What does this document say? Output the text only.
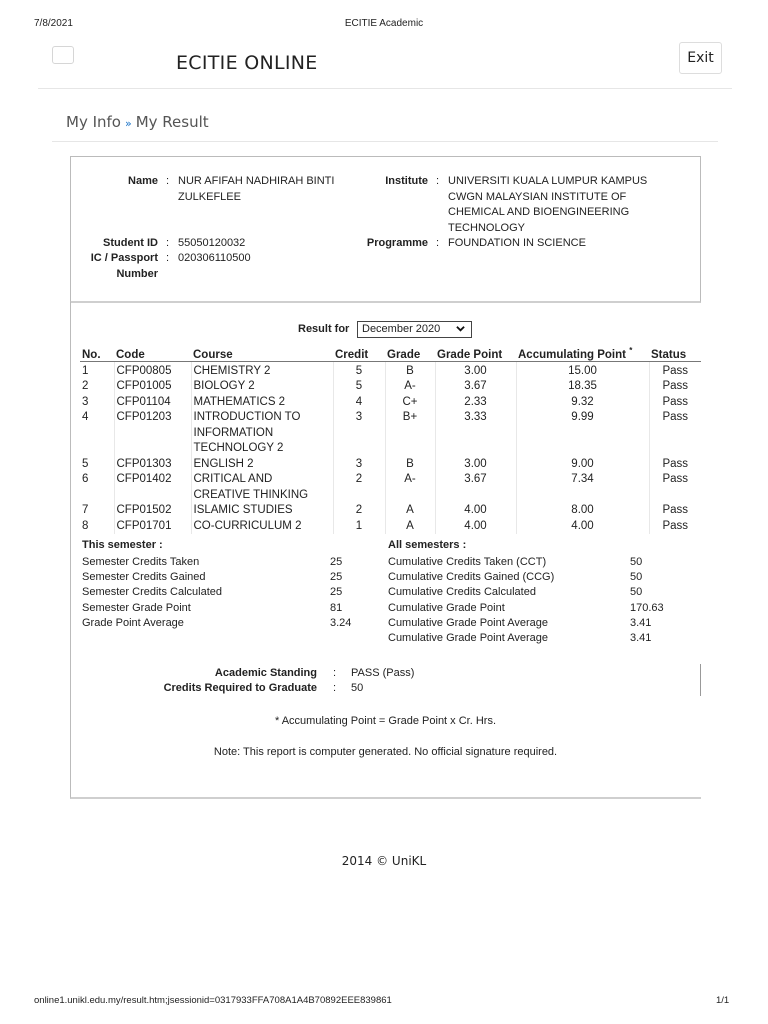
7/8/2021	ECITIE Academic
ECITIE ONLINE	Exit
My Info » My Result
Name : NUR AFIFAH NADHIRAH BINTI ZULKEFLEE
Student ID : 55050120032
IC / Passport Number
: 020306110500
Institute : UNIVERSITI KUALA LUMPUR KAMPUS CWGN MALAYSIAN INSTITUTE OF CHEMICAL AND BIOENGINEERING TECHNOLOGY
Programme : FOUNDATION IN SCIENCE
Result for	December 2020
No.	Code	Course	Credit	Grade	Grade Point	Accumulating Point *	Status
1	CFP00805	CHEMISTRY 2	5	B	3.00	15.00	Pass
2	CFP01005	BIOLOGY 2	5	A-	3.67	18.35	Pass
3	CFP01104	MATHEMATICS 2	4	C+	2.33	9.32	Pass
4	CFP01203	INTRODUCTION TO INFORMATION TECHNOLOGY 2	3	B+	3.33	9.99	Pass
5	CFP01303	ENGLISH 2	3	B	3.00	9.00	Pass
6	CFP01402	CRITICAL AND CREATIVE THINKING	2	A-	3.67	7.34	Pass
7	CFP01502	ISLAMIC STUDIES	2	A	4.00	8.00	Pass
8	CFP01701	CO-CURRICULUM 2	1	A	4.00	4.00	Pass
This semester :
Semester Credits Taken	25
Semester Credits Gained	25
Semester Credits Calculated	25
Semester Grade Point	81
Grade Point Average	3.24
All semesters :
Cumulative Credits Taken (CCT)	50
Cumulative Credits Gained (CCG)	50
Cumulative Credits Calculated	50
Cumulative Grade Point	170.63
Cumulative Grade Point Average	3.41
Cumulative Grade Point Average	3.41
Academic Standing : PASS (Pass)
Credits Required to Graduate : 50
* Accumulating Point = Grade Point x Cr. Hrs.
Note: This report is computer generated. No official signature required.
2014 © UniKL
online1.unikl.edu.my/result.htm;jsessionid=0317933FFA708A1A4B70892EEE839861	1/1
